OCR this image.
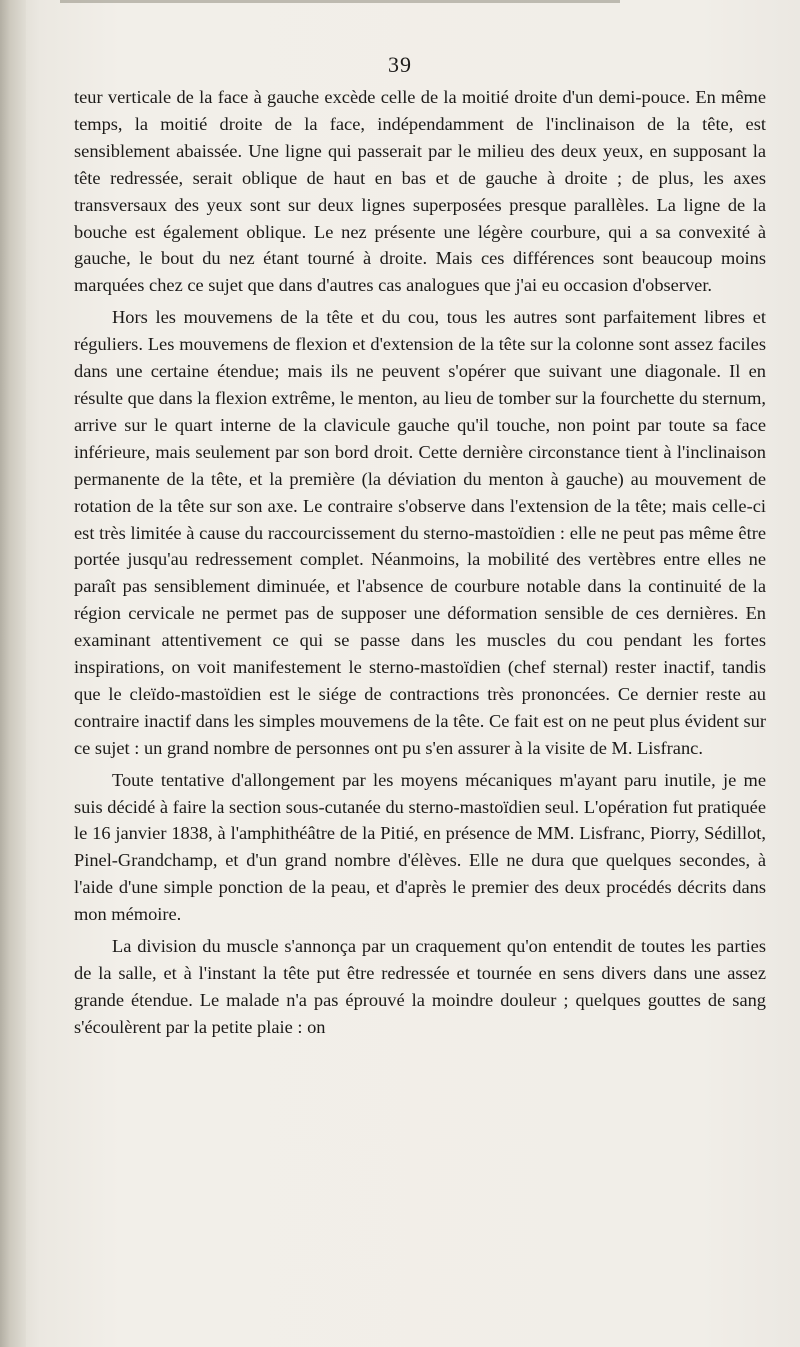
39

teur verticale de la face à gauche excède celle de la moitié droite d'un demi-pouce. En même temps, la moitié droite de la face, indépendamment de l'inclinaison de la tête, est sensiblement abaissée. Une ligne qui passerait par le milieu des deux yeux, en supposant la tête redressée, serait oblique de haut en bas et de gauche à droite ; de plus, les axes transversaux des yeux sont sur deux lignes superposées presque parallèles. La ligne de la bouche est également oblique. Le nez présente une légère courbure, qui a sa convexité à gauche, le bout du nez étant tourné à droite. Mais ces différences sont beaucoup moins marquées chez ce sujet que dans d'autres cas analogues que j'ai eu occasion d'observer.

Hors les mouvemens de la tête et du cou, tous les autres sont parfaitement libres et réguliers. Les mouvemens de flexion et d'extension de la tête sur la colonne sont assez faciles dans une certaine étendue; mais ils ne peuvent s'opérer que suivant une diagonale. Il en résulte que dans la flexion extrême, le menton, au lieu de tomber sur la fourchette du sternum, arrive sur le quart interne de la clavicule gauche qu'il touche, non point par toute sa face inférieure, mais seulement par son bord droit. Cette dernière circonstance tient à l'inclinaison permanente de la tête, et la première (la déviation du menton à gauche) au mouvement de rotation de la tête sur son axe. Le contraire s'observe dans l'extension de la tête; mais celle-ci est très limitée à cause du raccourcissement du sterno-mastoïdien : elle ne peut pas même être portée jusqu'au redressement complet. Néanmoins, la mobilité des vertèbres entre elles ne paraît pas sensiblement diminuée, et l'absence de courbure notable dans la continuité de la région cervicale ne permet pas de supposer une déformation sensible de ces dernières. En examinant attentivement ce qui se passe dans les muscles du cou pendant les fortes inspirations, on voit manifestement le sterno-mastoïdien (chef sternal) rester inactif, tandis que le cleïdo-mastoïdien est le siége de contractions très prononcées. Ce dernier reste au contraire inactif dans les simples mouvemens de la tête. Ce fait est on ne peut plus évident sur ce sujet : un grand nombre de personnes ont pu s'en assurer à la visite de M. Lisfranc.

Toute tentative d'allongement par les moyens mécaniques m'ayant paru inutile, je me suis décidé à faire la section sous-cutanée du sterno-mastoïdien seul. L'opération fut pratiquée le 16 janvier 1838, à l'amphithéâtre de la Pitié, en présence de MM. Lisfranc, Piorry, Sédillot, Pinel-Grandchamp, et d'un grand nombre d'élèves. Elle ne dura que quelques secondes, à l'aide d'une simple ponction de la peau, et d'après le premier des deux procédés décrits dans mon mémoire.

La division du muscle s'annonça par un craquement qu'on entendit de toutes les parties de la salle, et à l'instant la tête put être redressée et tournée en sens divers dans une assez grande étendue. Le malade n'a pas éprouvé la moindre douleur ; quelques gouttes de sang s'écoulèrent par la petite plaie : on
